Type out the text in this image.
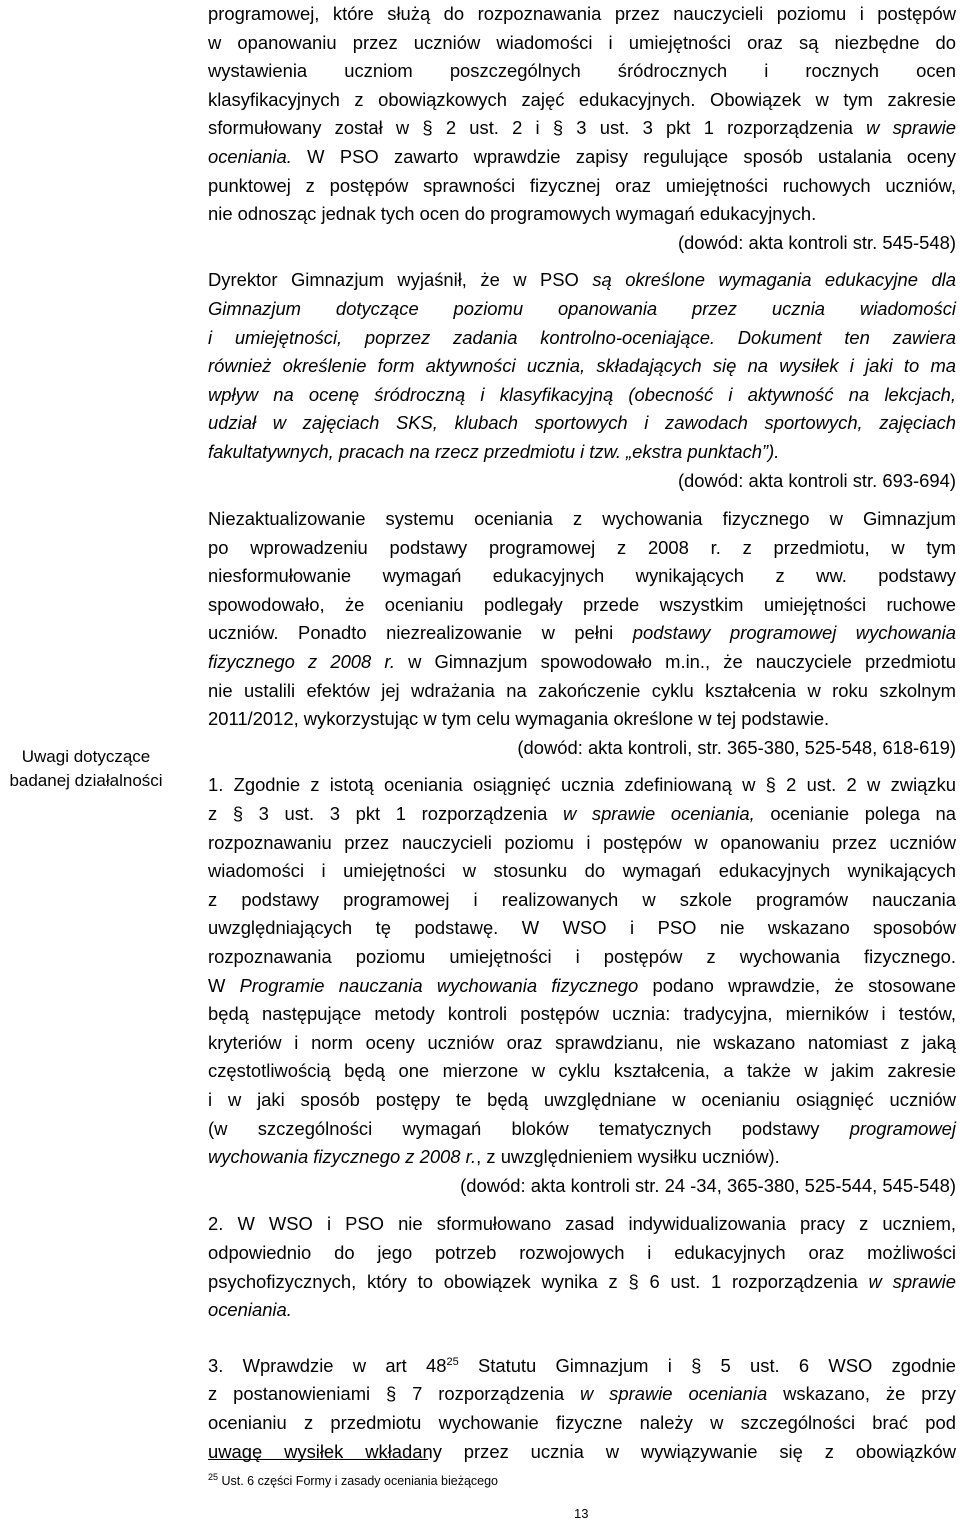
Uwagi dotyczące
badanej działalności
programowej, które służą do rozpoznawania przez nauczycieli poziomu i postępów
w opanowaniu przez uczniów wiadomości i umiejętności oraz są niezbędne do
wystawienia uczniom poszczególnych śródrocznych i rocznych ocen
klasyfikacyjnych z obowiązkowych zajęć edukacyjnych. Obowiązek w tym zakresie
sformułowany został w § 2 ust. 2 i § 3 ust. 3 pkt 1 rozporządzenia w sprawie
oceniania. W PSO zawarto wprawdzie zapisy regulujące sposób ustalania oceny
punktowej z postępów sprawności fizycznej oraz umiejętności ruchowych uczniów,
nie odnosząc jednak tych ocen do programowych wymagań edukacyjnych.

(dowód: akta kontroli str. 545-548)

Dyrektor Gimnazjum wyjaśnił, że w PSO są określone wymagania edukacyjne dla
Gimnazjum dotyczące poziomu opanowania przez ucznia wiadomości
i umiejętności, poprzez zadania kontrolno-oceniające. Dokument ten zawiera
również określenie form aktywności ucznia, składających się na wysiłek i jaki to ma
wpływ na ocenę śródroczną i klasyfikacyjną (obecność i aktywność na lekcjach,
udział w zajęciach SKS, klubach sportowych i zawodach sportowych, zajęciach
fakultatywnych, pracach na rzecz przedmiotu i tzw. „ekstra punktach”).

(dowód: akta kontroli str. 693-694)

Niezaktualizowanie systemu oceniania z wychowania fizycznego w Gimnazjum
po wprowadzeniu podstawy programowej z 2008 r. z przedmiotu, w tym
niesformułowanie wymagań edukacyjnych wynikających z ww. podstawy
spowodowało, że ocenianiu podlegały przede wszystkim umiejętności ruchowe
uczniów. Ponadto niezrealizowanie w pełni podstawy programowej wychowania
fizycznego z 2008 r. w Gimnazjum spowodowało m.in., że nauczyciele przedmiotu
nie ustalili efektów jej wdrażania na zakończenie cyklu kształcenia w roku szkolnym
2011/2012, wykorzystując w tym celu wymagania określone w tej podstawie.

(dowód: akta kontroli, str. 365-380, 525-548, 618-619)

1. Zgodnie z istotą oceniania osiągnięć ucznia zdefiniowaną w § 2 ust. 2 w związku
z § 3 ust. 3 pkt 1 rozporządzenia w sprawie oceniania, ocenianie polega na
rozpoznawaniu przez nauczycieli poziomu i postępów w opanowaniu przez uczniów
wiadomości i umiejętności w stosunku do wymagań edukacyjnych wynikających
z podstawy programowej i realizowanych w szkole programów nauczania
uwzględniających tę podstawę. W WSO i PSO nie wskazano sposobów
rozpoznawania poziomu umiejętności i postępów z wychowania fizycznego.
W Programie nauczania wychowania fizycznego podano wprawdzie, że stosowane
będą następujące metody kontroli postępów ucznia: tradycyjna, mierników i testów,
kryteriów i norm oceny uczniów oraz sprawdzianu, nie wskazano natomiast z jaką
częstotliwością będą one mierzone w cyklu kształcenia, a także w jakim zakresie
i w jaki sposób postępy te będą uwzględniane w ocenianiu osiągnięć uczniów
(w szczególności wymagań bloków tematycznych podstawy programowej
wychowania fizycznego z 2008 r., z uwzględnieniem wysiłku uczniów).

(dowód: akta kontroli str. 24 -34, 365-380, 525-544, 545-548)

2. W WSO i PSO nie sformułowano zasad indywidualizowania pracy z uczniem,
odpowiednio do jego potrzeb rozwojowych i edukacyjnych oraz możliwości
psychofizycznych, który to obowiązek wynika z § 6 ust. 1 rozporządzenia w sprawie
oceniania.
3. Wprawdzie w art $48^{25}$ Statutu Gimnazjum i § 5 ust. 6 WSO zgodnie
z postanowieniami § 7 rozporządzenia w sprawie oceniania wskazano, że przy
ocenianiu z przedmiotu wychowanie fizyczne należy w szczególności brać pod
uwagę wysiłek wkładany przez ucznia w wywiązywanie się z obowiązków
$^{25}$ Ust. 6 części Formy i zasady oceniania bieżącego
13
